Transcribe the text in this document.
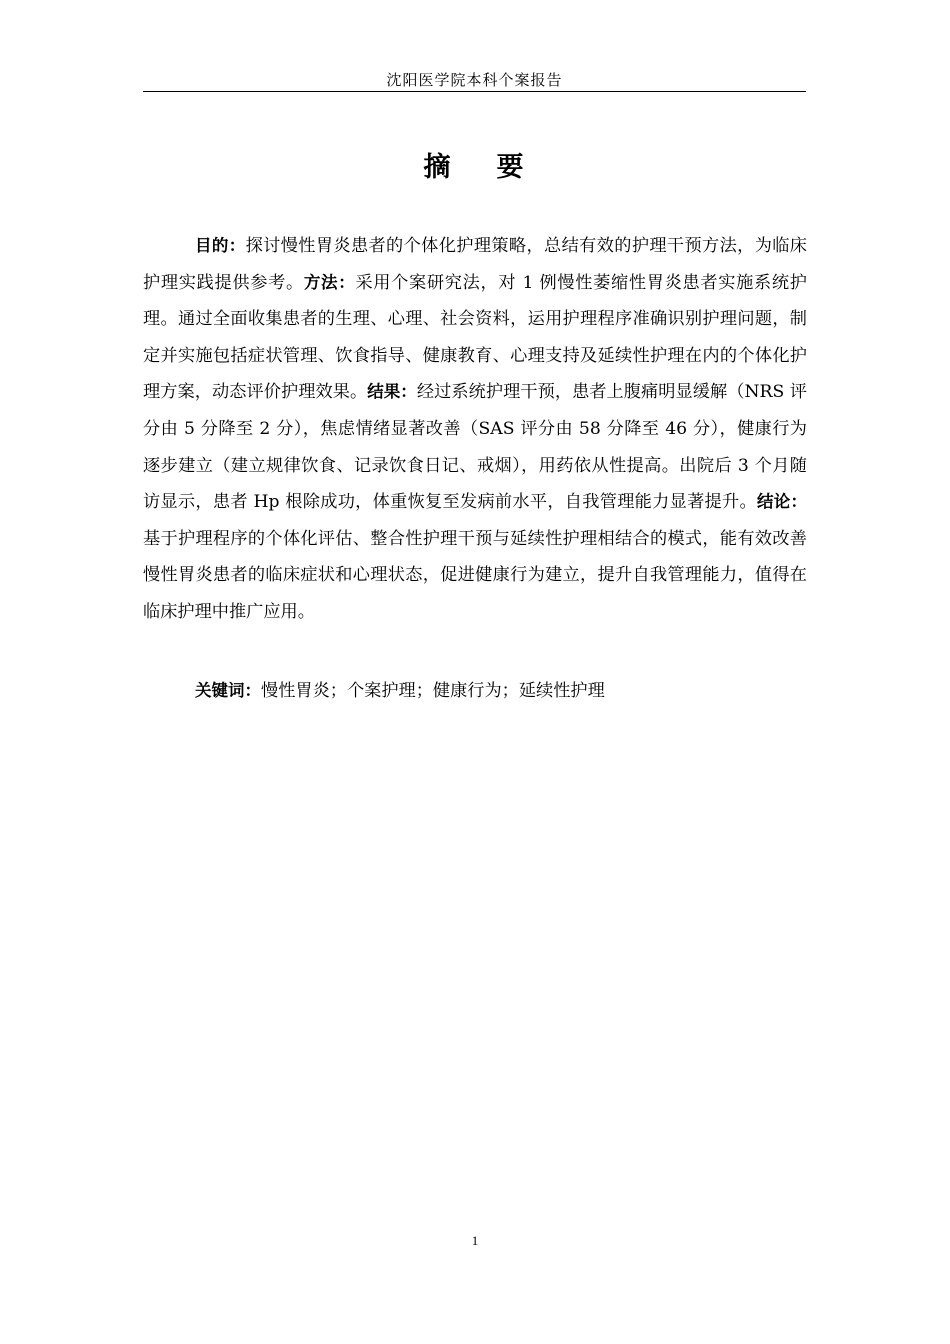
沈阳医学院本科个案报告
摘 要

目的：探讨慢性胃炎患者的个体化护理策略，总结有效的护理干预方法，为临床护理实践提供参考。方法：采用个案研究法，对 1 例慢性萎缩性胃炎患者实施系统护理。通过全面收集患者的生理、心理、社会资料，运用护理程序准确识别护理问题，制定并实施包括症状管理、饮食指导、健康教育、心理支持及延续性护理在内的个体化护理方案，动态评价护理效果。结果：经过系统护理干预，患者上腹痛明显缓解（NRS 评分由 5 分降至 2 分），焦虑情绪显著改善（SAS 评分由 58 分降至 46 分），健康行为逐步建立（建立规律饮食、记录饮食日记、戒烟），用药依从性提高。出院后 3 个月随访显示，患者 Hp 根除成功，体重恢复至发病前水平，自我管理能力显著提升。结论：基于护理程序的个体化评估、整合性护理干预与延续性护理相结合的模式，能有效改善慢性胃炎患者的临床症状和心理状态，促进健康行为建立，提升自我管理能力，值得在临床护理中推广应用。

关键词：慢性胃炎；个案护理；健康行为；延续性护理

1
